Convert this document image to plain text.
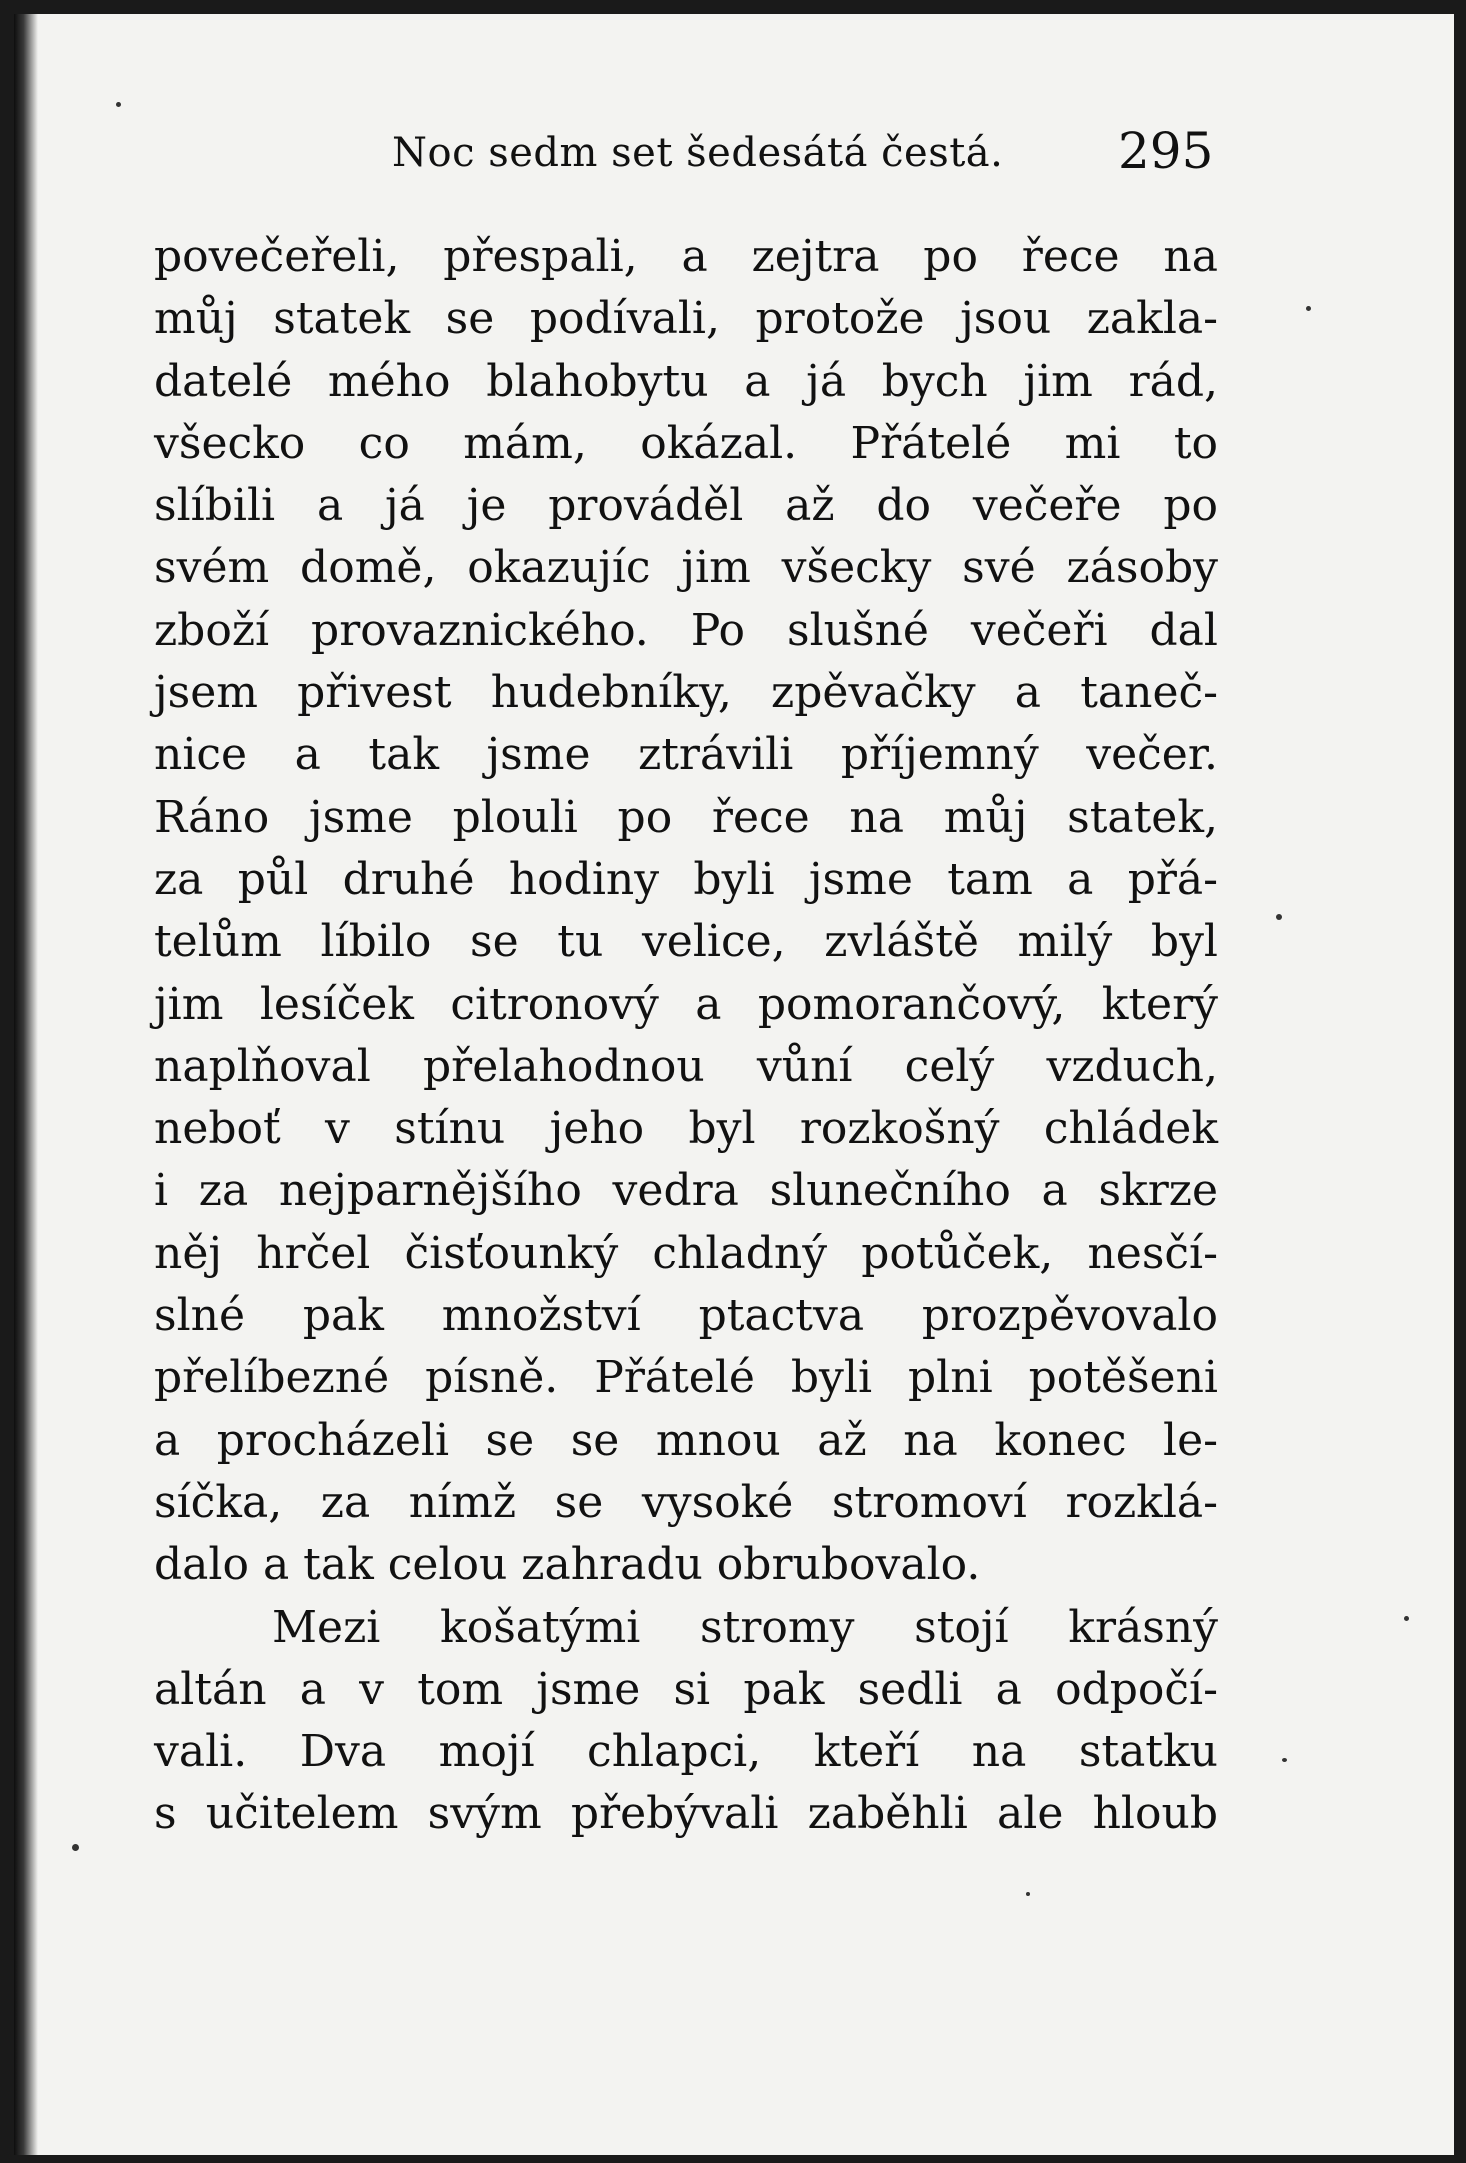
Noc sedm set šedesátá čestá. 295
povečeřeli, přespali, a zejtra po řece na
můj statek se podívali, protože jsou zakla-
datelé mého blahobytu a já bych jim rád,
všecko co mám, okázal. Přátelé mi to
slíbili a já je prováděl až do večeře po
svém domě, okazujíc jim všecky své zásoby
zboží provaznického. Po slušné večeři dal
jsem přivest hudebníky, zpěvačky a taneč-
nice a tak jsme ztrávili příjemný večer.
Ráno jsme plouli po řece na můj statek,
za půl druhé hodiny byli jsme tam a přá-
telům líbilo se tu velice, zvláště milý byl
jim lesíček citronový a pomorančový, který
naplňoval přelahodnou vůní celý vzduch,
neboť v stínu jeho byl rozkošný chládek
i za nejparnějšího vedra slunečního a skrze
něj hrčel čisťounký chladný potůček, nesčí-
slné pak množství ptactva prozpěvovalo
přelíbezné písně. Přátelé byli plni potěšeni
a procházeli se se mnou až na konec le-
síčka, za nímž se vysoké stromoví rozklá-
dalo a tak celou zahradu obrubovalo.
Mezi košatými stromy stojí krásný
altán a v tom jsme si pak sedli a odpočí-
vali. Dva mojí chlapci, kteří na statku
s učitelem svým přebývali zaběhli ale hloub
